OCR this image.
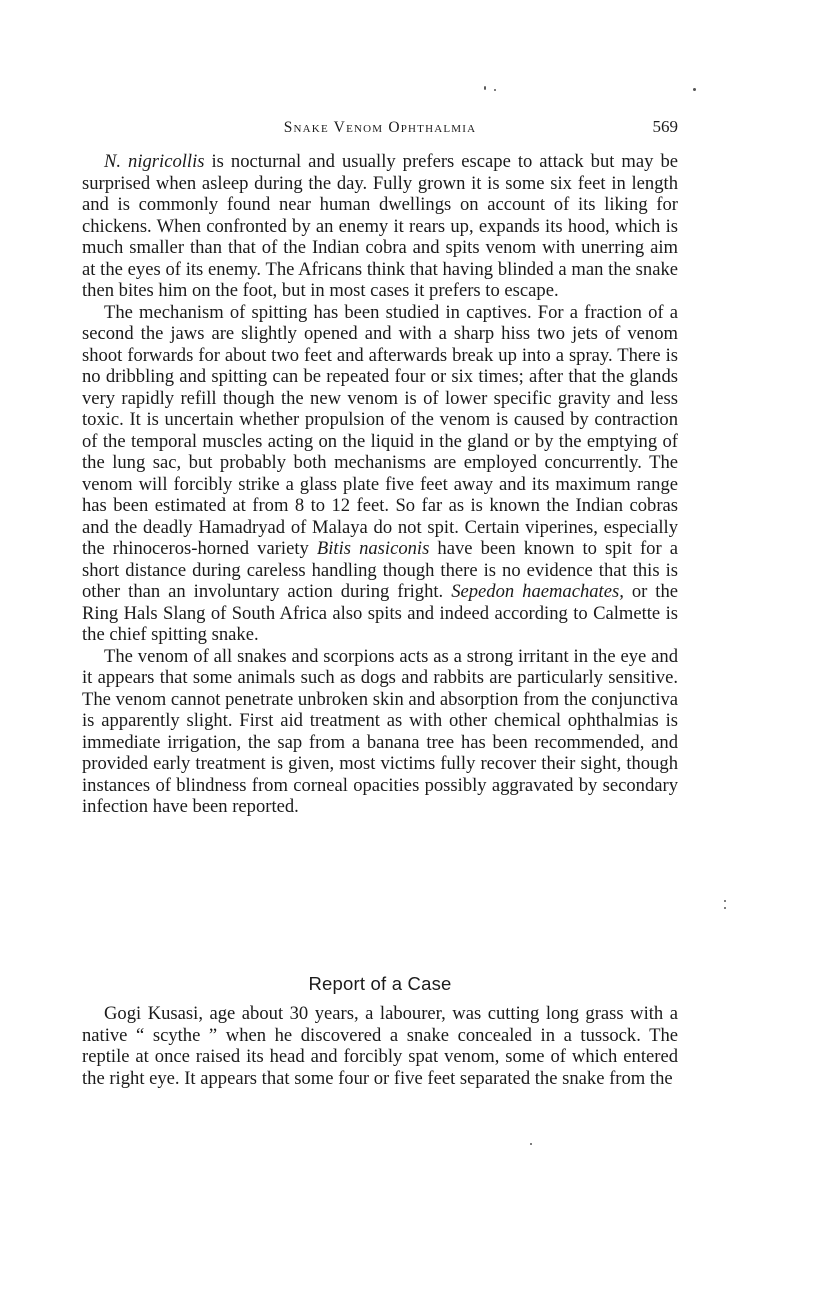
Snake Venom Ophthalmia	569

N. nigricollis is nocturnal and usually prefers escape to attack but may be surprised when asleep during the day. Fully grown it is some six feet in length and is commonly found near human dwellings on account of its liking for chickens. When confronted by an enemy it rears up, expands its hood, which is much smaller than that of the Indian cobra and spits venom with unerring aim at the eyes of its enemy. The Africans think that having blinded a man the snake then bites him on the foot, but in most cases it prefers to escape.

The mechanism of spitting has been studied in captives. For a fraction of a second the jaws are slightly opened and with a sharp hiss two jets of venom shoot forwards for about two feet and afterwards break up into a spray. There is no dribbling and spitting can be repeated four or six times; after that the glands very rapidly refill though the new venom is of lower specific gravity and less toxic. It is uncertain whether propulsion of the venom is caused by contraction of the temporal muscles acting on the liquid in the gland or by the emptying of the lung sac, but probably both mechanisms are employed concurrently. The venom will forcibly strike a glass plate five feet away and its maximum range has been estimated at from 8 to 12 feet. So far as is known the Indian cobras and the deadly Hamadryad of Malaya do not spit. Certain viperines, especially the rhinoceros-horned variety Bitis nasiconis have been known to spit for a short distance during careless handling though there is no evidence that this is other than an involuntary action during fright. Sepedon haemachates, or the Ring Hals Slang of South Africa also spits and indeed according to Calmette is the chief spitting snake.

The venom of all snakes and scorpions acts as a strong irritant in the eye and it appears that some animals such as dogs and rabbits are particularly sensitive. The venom cannot penetrate unbroken skin and absorption from the conjunctiva is apparently slight. First aid treatment as with other chemical ophthalmias is immediate irrigation, the sap from a banana tree has been recommended, and provided early treatment is given, most victims fully recover their sight, though instances of blindness from corneal opacities possibly aggravated by secondary infection have been reported.

Report of a Case

Gogi Kusasi, age about 30 years, a labourer, was cutting long grass with a native “ scythe ” when he discovered a snake concealed in a tussock. The reptile at once raised its head and forcibly spat venom, some of which entered the right eye. It appears that some four or five feet separated the snake from the
